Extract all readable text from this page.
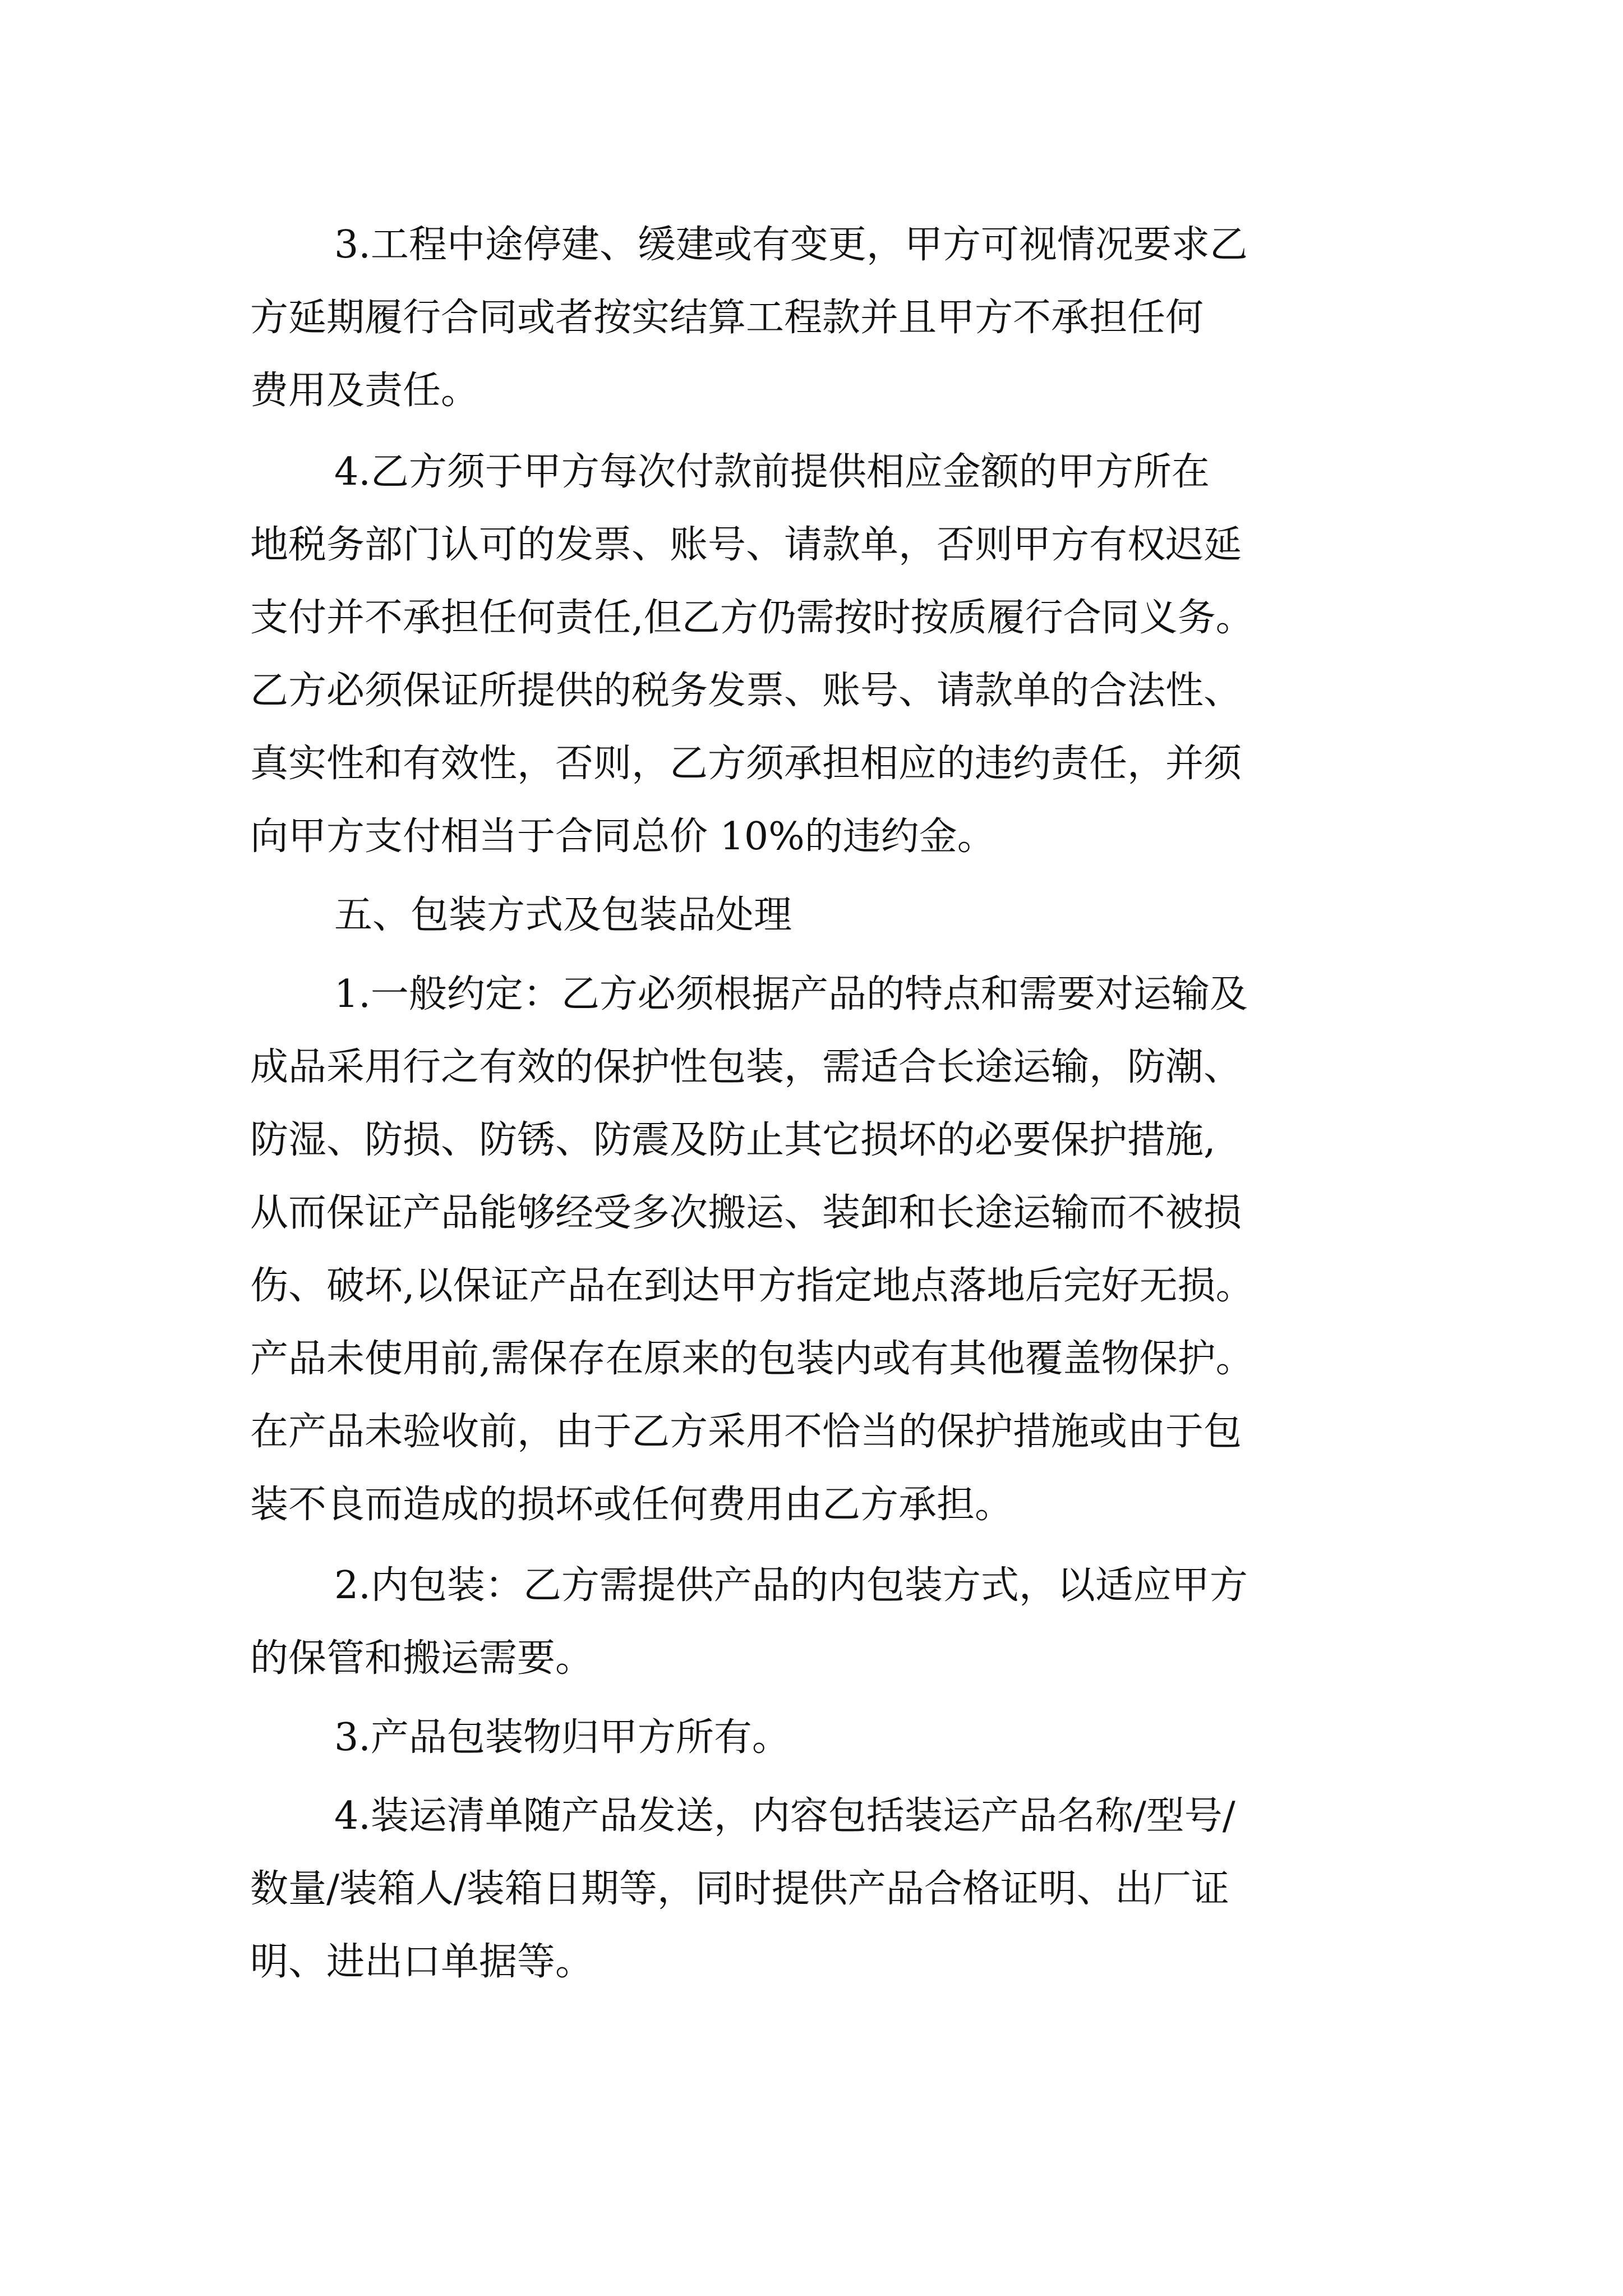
3.工程中途停建、缓建或有变更，甲方可视情况要求乙
方延期履行合同或者按实结算工程款并且甲方不承担任何
费用及责任。
4.乙方须于甲方每次付款前提供相应金额的甲方所在
地税务部门认可的发票、账号、请款单，否则甲方有权迟延
支付并不承担任何责任,但乙方仍需按时按质履行合同义务。
乙方必须保证所提供的税务发票、账号、请款单的合法性、
真实性和有效性，否则，乙方须承担相应的违约责任，并须
向甲方支付相当于合同总价 10%的违约金。
五、包装方式及包装品处理
1.一般约定：乙方必须根据产品的特点和需要对运输及
成品采用行之有效的保护性包装，需适合长途运输，防潮、
防湿、防损、防锈、防震及防止其它损坏的必要保护措施,
从而保证产品能够经受多次搬运、装卸和长途运输而不被损
伤、破坏,以保证产品在到达甲方指定地点落地后完好无损。
产品未使用前,需保存在原来的包装内或有其他覆盖物保护。
在产品未验收前，由于乙方采用不恰当的保护措施或由于包
装不良而造成的损坏或任何费用由乙方承担。
2.内包装：乙方需提供产品的内包装方式，以适应甲方
的保管和搬运需要。
3.产品包装物归甲方所有。
4.装运清单随产品发送，内容包括装运产品名称/型号/
数量/装箱人/装箱日期等，同时提供产品合格证明、出厂证
明、进出口单据等。
